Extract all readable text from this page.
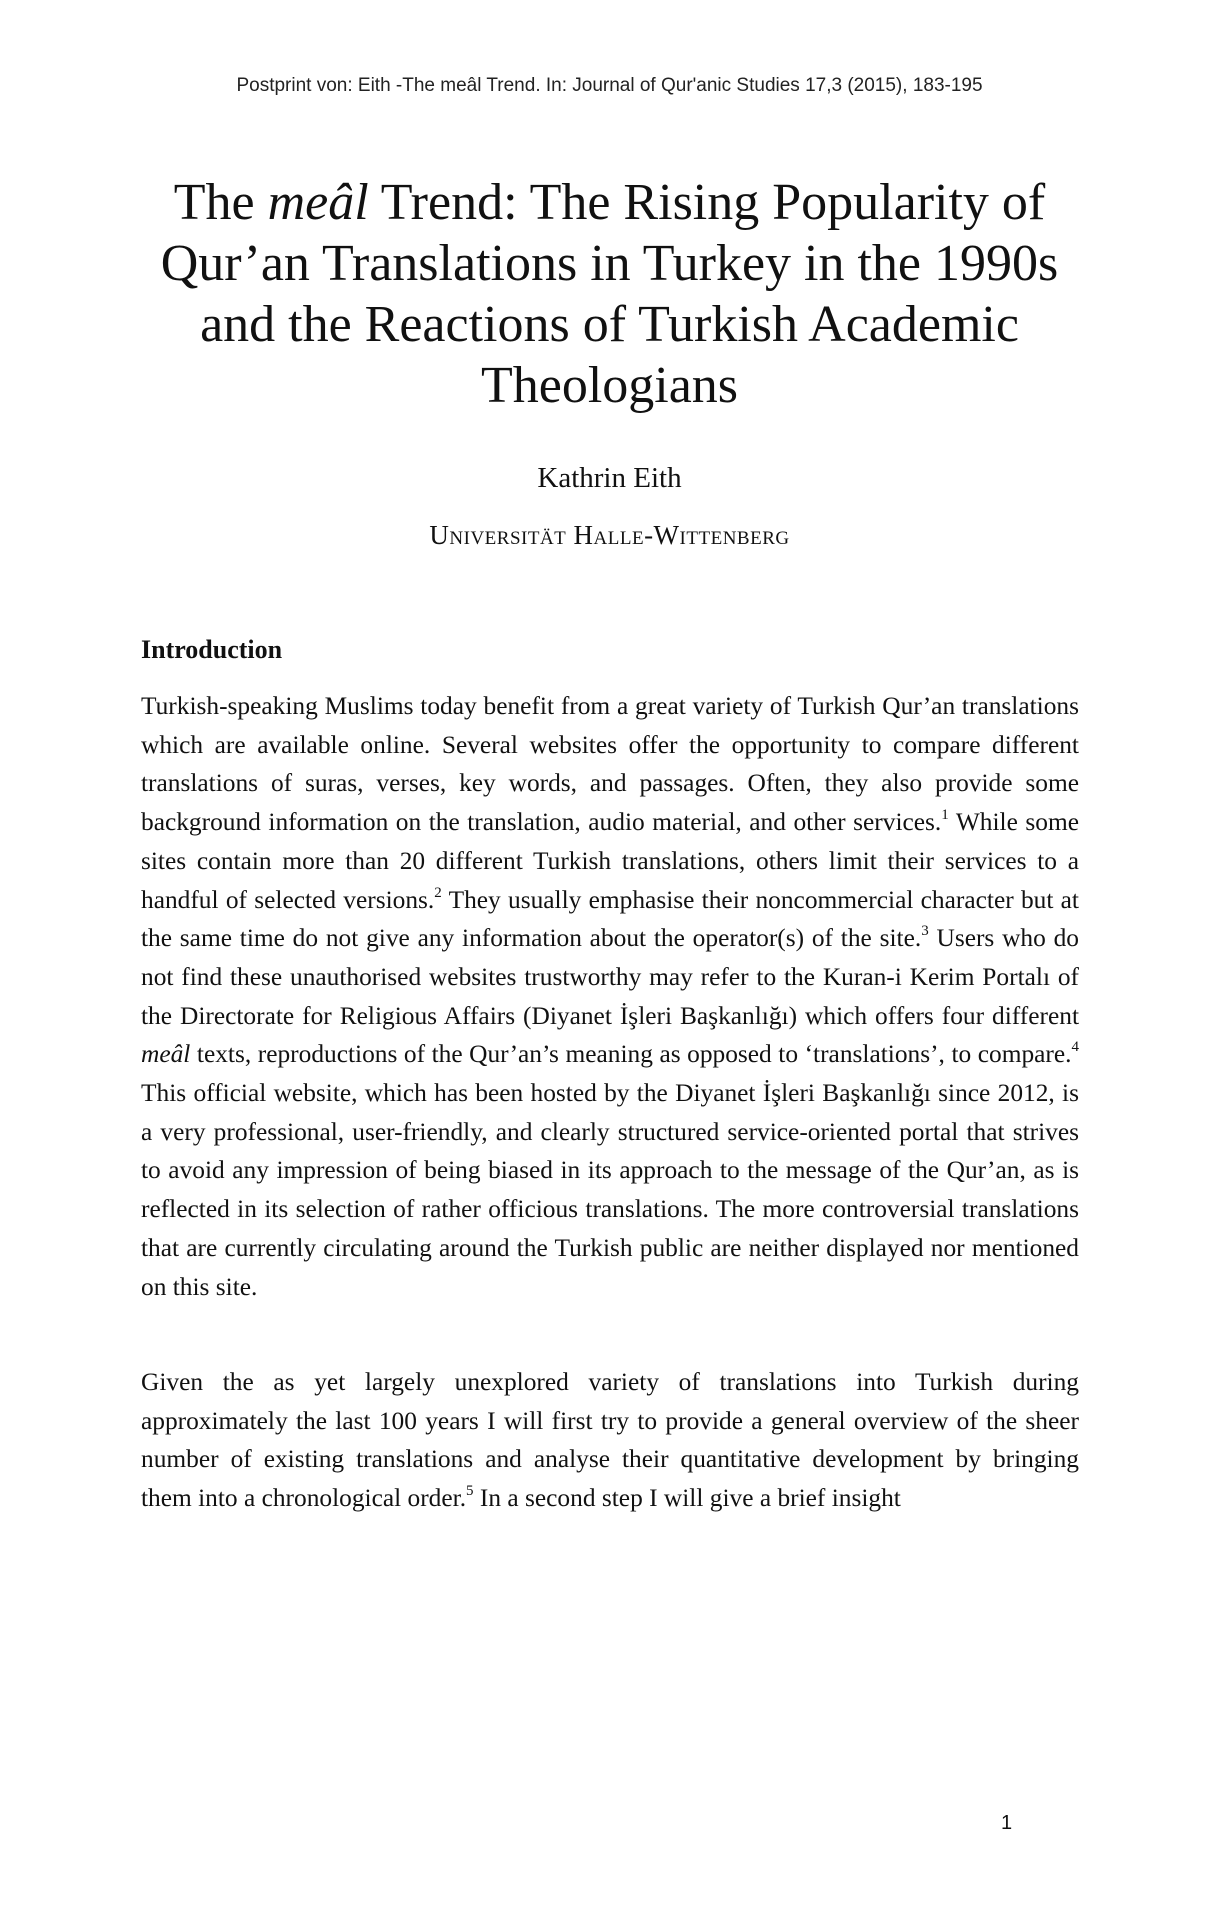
Postprint von: Eith -The meâl Trend. In: Journal of Qur'anic Studies 17,3 (2015), 183-195
The meâl Trend: The Rising Popularity of Qur’an Translations in Turkey in the 1990s and the Reactions of Turkish Academic Theologians
Kathrin Eith
Universität Halle-Wittenberg
Introduction

Turkish-speaking Muslims today benefit from a great variety of Turkish Qur’an translations which are available online. Several websites offer the opportunity to compare different translations of suras, verses, key words, and passages. Often, they also provide some background information on the translation, audio material, and other services.$^1$ While some sites contain more than 20 different Turkish translations, others limit their services to a handful of selected versions.$^2$ They usually emphasise their noncommercial character but at the same time do not give any information about the operator(s) of the site.$^3$ Users who do not find these unauthorised websites trustworthy may refer to the Kuran-i Kerim Portalı of the Directorate for Religious Affairs (Diyanet İşleri Başkanlığı) which offers four different meâl texts, reproductions of the Qur’an’s meaning as opposed to ‘translations’, to compare.$^4$ This official website, which has been hosted by the Diyanet İşleri Başkanlığı since 2012, is a very professional, user-friendly, and clearly structured service-oriented portal that strives to avoid any impression of being biased in its approach to the message of the Qur’an, as is reflected in its selection of rather officious translations. The more controversial translations that are currently circulating around the Turkish public are neither displayed nor mentioned on this site.

Given the as yet largely unexplored variety of translations into Turkish during approximately the last 100 years I will first try to provide a general overview of the sheer number of existing translations and analyse their quantitative development by bringing them into a chronological order.$^5$ In a second step I will give a brief insight

1
